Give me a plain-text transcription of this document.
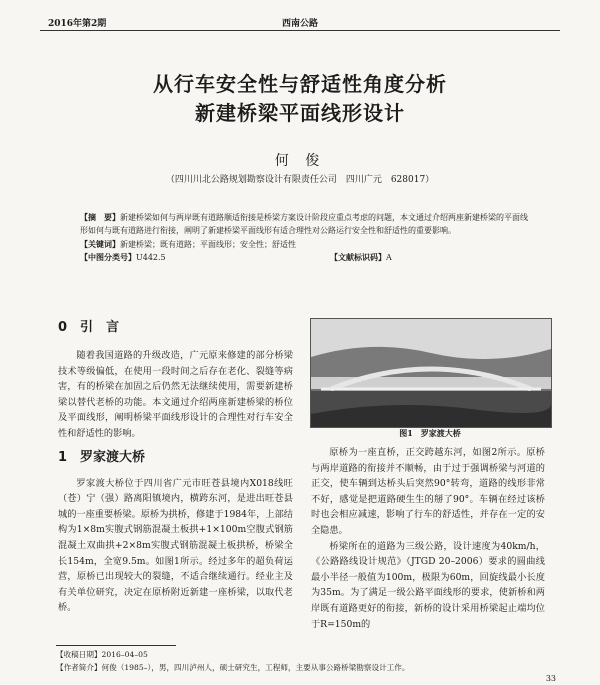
2016年第2期	西南公路
从行车安全性与舒适性角度分析
新建桥梁平面线形设计
何 俊
（四川川北公路规划勘察设计有限责任公司　四川广元　628017）

【摘　要】新建桥梁如何与两岸既有道路顺适衔接是桥梁方案设计阶段应重点考虑的问题，本文通过介绍两座新建桥梁的平面线形如何与既有道路进行衔接，阐明了新建桥梁平面线形有适合理性对公路运行安全性和舒适性的重要影响。

【关键词】新建桥梁；既有道路；平面线形；安全性；舒适性

【中图分类号】U442.5	【文献标识码】A

0 引　言

随着我国道路的升级改造，广元原来修建的部分桥梁技术等级偏低，在使用一段时间之后存在老化、裂缝等病害，有的桥梁在加固之后仍然无法继续使用，需要新建桥梁以替代老桥的功能。本文通过介绍两座新建桥梁的桥位及平面线形，阐明桥梁平面线形设计的合理性对行车安全性和舒适性的影响。

1 罗家渡大桥

罗家渡大桥位于四川省广元市旺苍县境内X018线旺（苍）宁（强）路离阳镇境内，横跨东河，是进出旺苍县城的一座重要桥梁。原桥为拱桥，修建于1984年，上部结构为1×8m实腹式钢筋混凝土板拱+1×100m空腹式钢筋混凝土双曲拱+2×8m实腹式钢筋混凝土板拱桥，桥梁全长154m，全宽9.5m。如图1所示。经过多年的超负荷运营，原桥已出现较大的裂缝，不适合继续通行。经业主及有关单位研究，决定在原桥附近新建一座桥梁，以取代老桥。

图1　罗家渡大桥

原桥为一座直桥，正交跨越东河，如图2所示。原桥与两岸道路的衔接并不顺畅，由于过于强调桥梁与河道的正交，使车辆到达桥头后突然90°转弯，道路的线形非常不好，感觉是把道路硬生生的掰了90°。车辆在经过该桥时也会相应减速，影响了行车的舒适性，并存在一定的安全隐患。

桥梁所在的道路为三级公路，设计速度为40km/h，《公路路线设计规范》（JTGD 20–2006）要求的圆曲线最小半径一般值为100m，极限为60m，回旋线最小长度为35m。为了满足一级公路平面线形的要求，使新桥和两岸既有道路更好的衔接，新桥的设计采用桥梁起止端均位于R=150m的

【收稿日期】2016–04–05

【作者简介】何俊（1985–），男，四川泸州人，硕士研究生，工程师，主要从事公路桥梁勘察设计工作。

33
